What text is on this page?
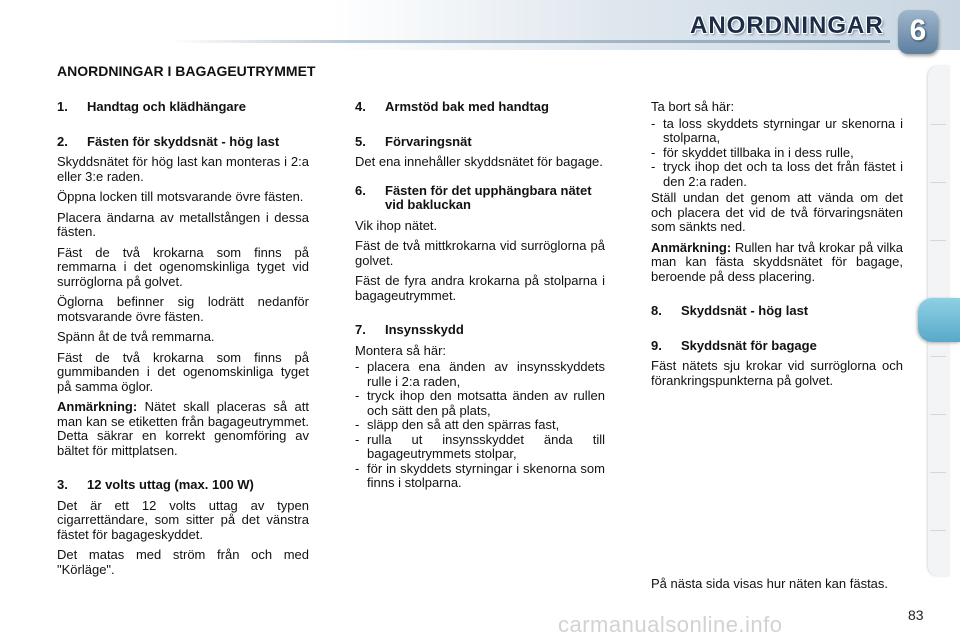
ANORDNINGAR 6
ANORDNINGAR I BAGAGEUTRYMMET
1.	Handtag och klädhängare
2.	Fästen för skyddsnät - hög last

Skyddsnätet för hög last kan monteras i 2:a eller 3:e raden.

Öppna locken till motsvarande övre fästen.

Placera ändarna av metallstången i dessa fästen.

Fäst de två krokarna som finns på remmarna i det ogenomskinliga tyget vid surröglorna på golvet.

Öglorna befinner sig lodrätt nedanför motsvarande övre fästen.

Spänn åt de två remmarna.

Fäst de två krokarna som finns på gummibanden i det ogenomskinliga tyget på samma öglor.

Anmärkning: Nätet skall placeras så att man kan se etiketten från bagageutrymmet. Detta säkrar en korrekt genomföring av bältet för mittplatsen.

3.	12 volts uttag (max. 100 W)

Det är ett 12 volts uttag av typen cigarrettändare, som sitter på det vänstra fästet för bagageskyddet.

Det matas med ström från och med "Körläge".

4.	Armstöd bak med handtag
5.	Förvaringsnät

Det ena innehåller skyddsnätet för bagage.

6.	Fästen för det upphängbara nätet vid bakluckan

Vik ihop nätet.

Fäst de två mittkrokarna vid surröglorna på golvet.

Fäst de fyra andra krokarna på stolparna i bagageutrymmet.

7.	Insynsskydd

Montera så här:

- placera ena änden av insynsskyddets rulle i 2:a raden,
- tryck ihop den motsatta änden av rullen och sätt den på plats,
- släpp den så att den spärras fast,
- rulla ut insynsskyddet ända till bagageutrymmets stolpar,
- för in skyddets styrningar i skenorna som finns i stolparna.

Ta bort så här:

- ta loss skyddets styrningar ur skenorna i stolparna,
- för skyddet tillbaka in i dess rulle,
- tryck ihop det och ta loss det från fästet i den 2:a raden.

Ställ undan det genom att vända om det och placera det vid de två förvaringsnäten som sänkts ned.

Anmärkning: Rullen har två krokar på vilka man kan fästa skyddsnätet för bagage, beroende på dess placering.

8.	Skyddsnät - hög last
9.	Skyddsnät för bagage

Fäst nätets sju krokar vid surröglorna och förankringspunkterna på golvet.

På nästa sida visas hur näten kan fästas.
carmanualsonline.info	83
